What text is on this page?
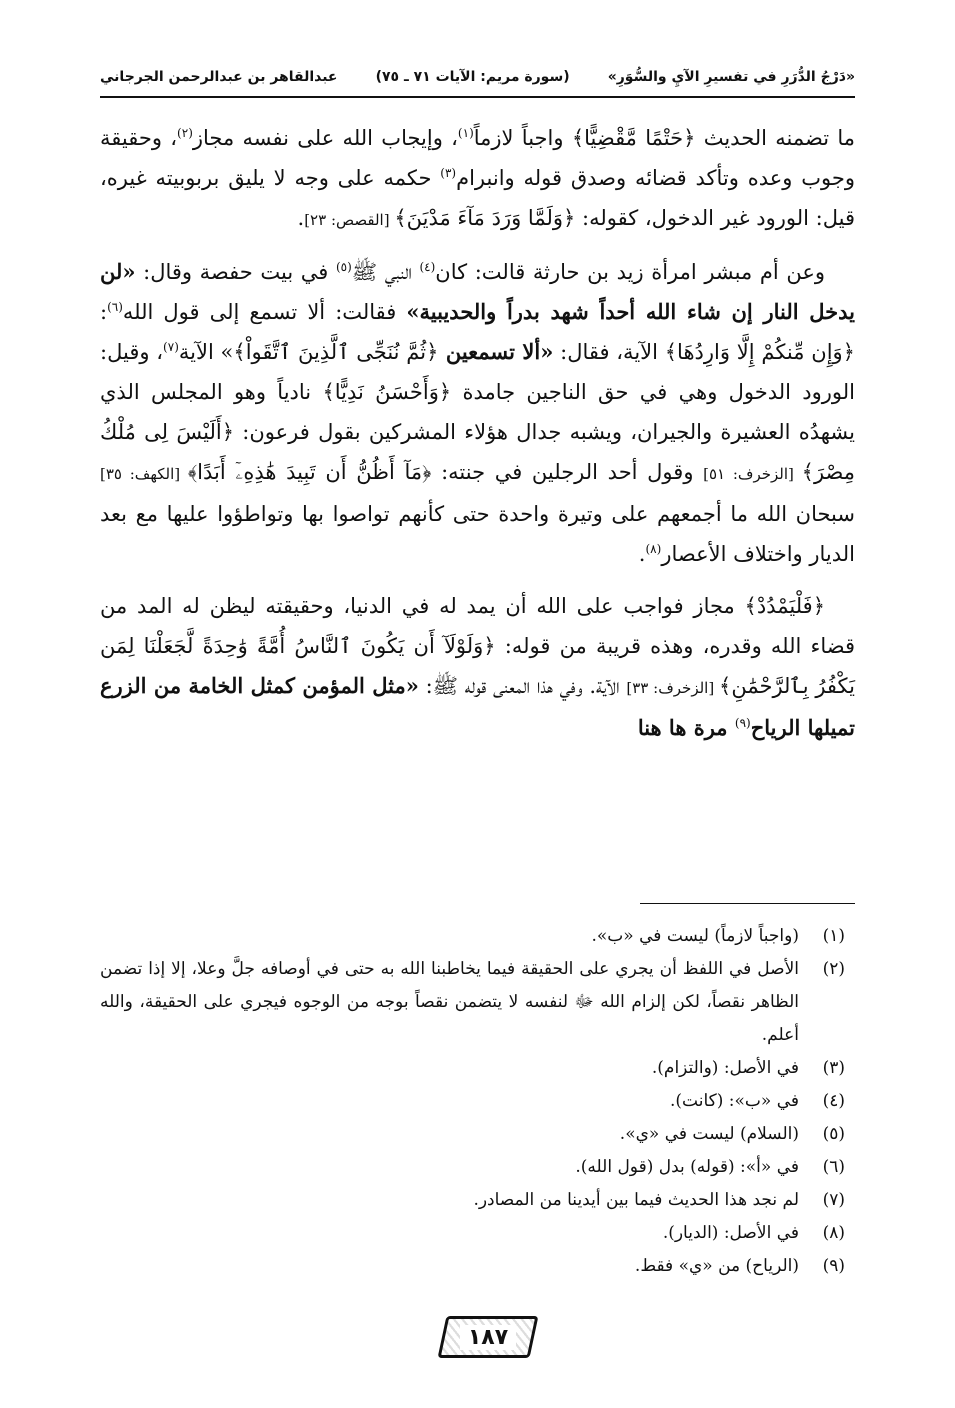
«دَرْجُ الدُّرَرِ في تفسيرِ الآيِ والسُّوَرِ»
(سورة مريم: الآيات ٧١ ـ ٧٥)
عبدالقاهر بن عبدالرحمن الجرجاني

ما تضمنه الحديث ﴿حَتْمًا مَّقْضِيًّا﴾ واجباً لازماً$^{(١)}$، وإيجاب الله على نفسه مجاز$^{(٢)}$، وحقيقة وجوب وعده وتأكد قضائه وصدق قوله وانبرام$^{(٣)}$ حكمه على وجه لا يليق بربوبيته غيره، قيل: الورود غير الدخول، كقوله: ﴿وَلَمَّا وَرَدَ مَآءَ مَدْيَنَ﴾ [القصص: ٢٣].

وعن أم مبشر امرأة زيد بن حارثة قالت: كان$^{(٤)}$ النبي ﷺ$^{(٥)}$ في بيت حفصة وقال: «لن يدخل النار إن شاء الله أحداً شهد بدراً والحديبية» فقالت: ألا تسمع إلى قول الله$^{(٦)}$: ﴿وَإِن مِّنكُمْ إِلَّا وَارِدُهَا﴾ الآية، فقال: «ألا تسمعين ﴿ثُمَّ نُنَجِّى ٱلَّذِينَ ٱتَّقَواْ﴾» الآية$^{(٧)}$، وقيل: الورود الدخول وهي في حق الناجين جامدة ﴿وَأَحْسَنُ نَدِيًّا﴾ نادياً وهو المجلس الذي يشهدُه العشيرة والجيران، ويشبه جدال هؤلاء المشركين بقول فرعون: ﴿أَلَيْسَ لِى مُلْكُ مِصْرَ﴾ [الزخرف: ٥١] وقول أحد الرجلين في جنته: ﴿مَآ أَظُنُّ أَن تَبِيدَ هَٰذِهِۦٓ أَبَدًا﴾ [الكهف: ٣٥] سبحان الله ما أجمعهم على وتيرة واحدة حتى كأنهم تواصوا بها وتواطؤوا عليها مع بعد الديار واختلاف الأعصار$^{(٨)}$.

﴿فَلْيَمْدُدْ﴾ مجاز فواجب على الله أن يمد له في الدنيا، وحقيقته ليظن له المد من قضاء الله وقدره، وهذه قريبة من قوله: ﴿وَلَوْلَآ أَن يَكُونَ ٱلنَّاسُ أُمَّةً وَٰحِدَةً لَّجَعَلْنَا لِمَن يَكْفُرُ بِٱلرَّحْمَٰنِ﴾ [الزخرف: ٣٣] الآية. وفي هذا المعنى قوله ﷺ: «مثل المؤمن كمثل الخامة من الزرع تميلها الرياح$^{(٩)}$ مرة ها هنا

(١)
(واجباً لازماً) ليست في «ب».
(٢)
الأصل في اللفظ أن يجري على الحقيقة فيما يخاطبنا الله به حتى في أوصافه جلَّ وعلا، إلا إذا تضمن الظاهر نقصاً، لكن إلزام الله ﷻ لنفسه لا يتضمن نقصاً بوجه من الوجوه فيجري على الحقيقة، والله أعلم.
(٣)
في الأصل: (والتزام).
(٤)
في «ب»: (كانت).
(٥)
(السلام) ليست في «ي».
(٦)
في «أ»: (قوله) بدل (قول الله).
(٧)
لم نجد هذا الحديث فيما بين أيدينا من المصادر.
(٨)
في الأصل: (الديار).
(٩)
(الرياح) من «ي» فقط.
١٨٧
